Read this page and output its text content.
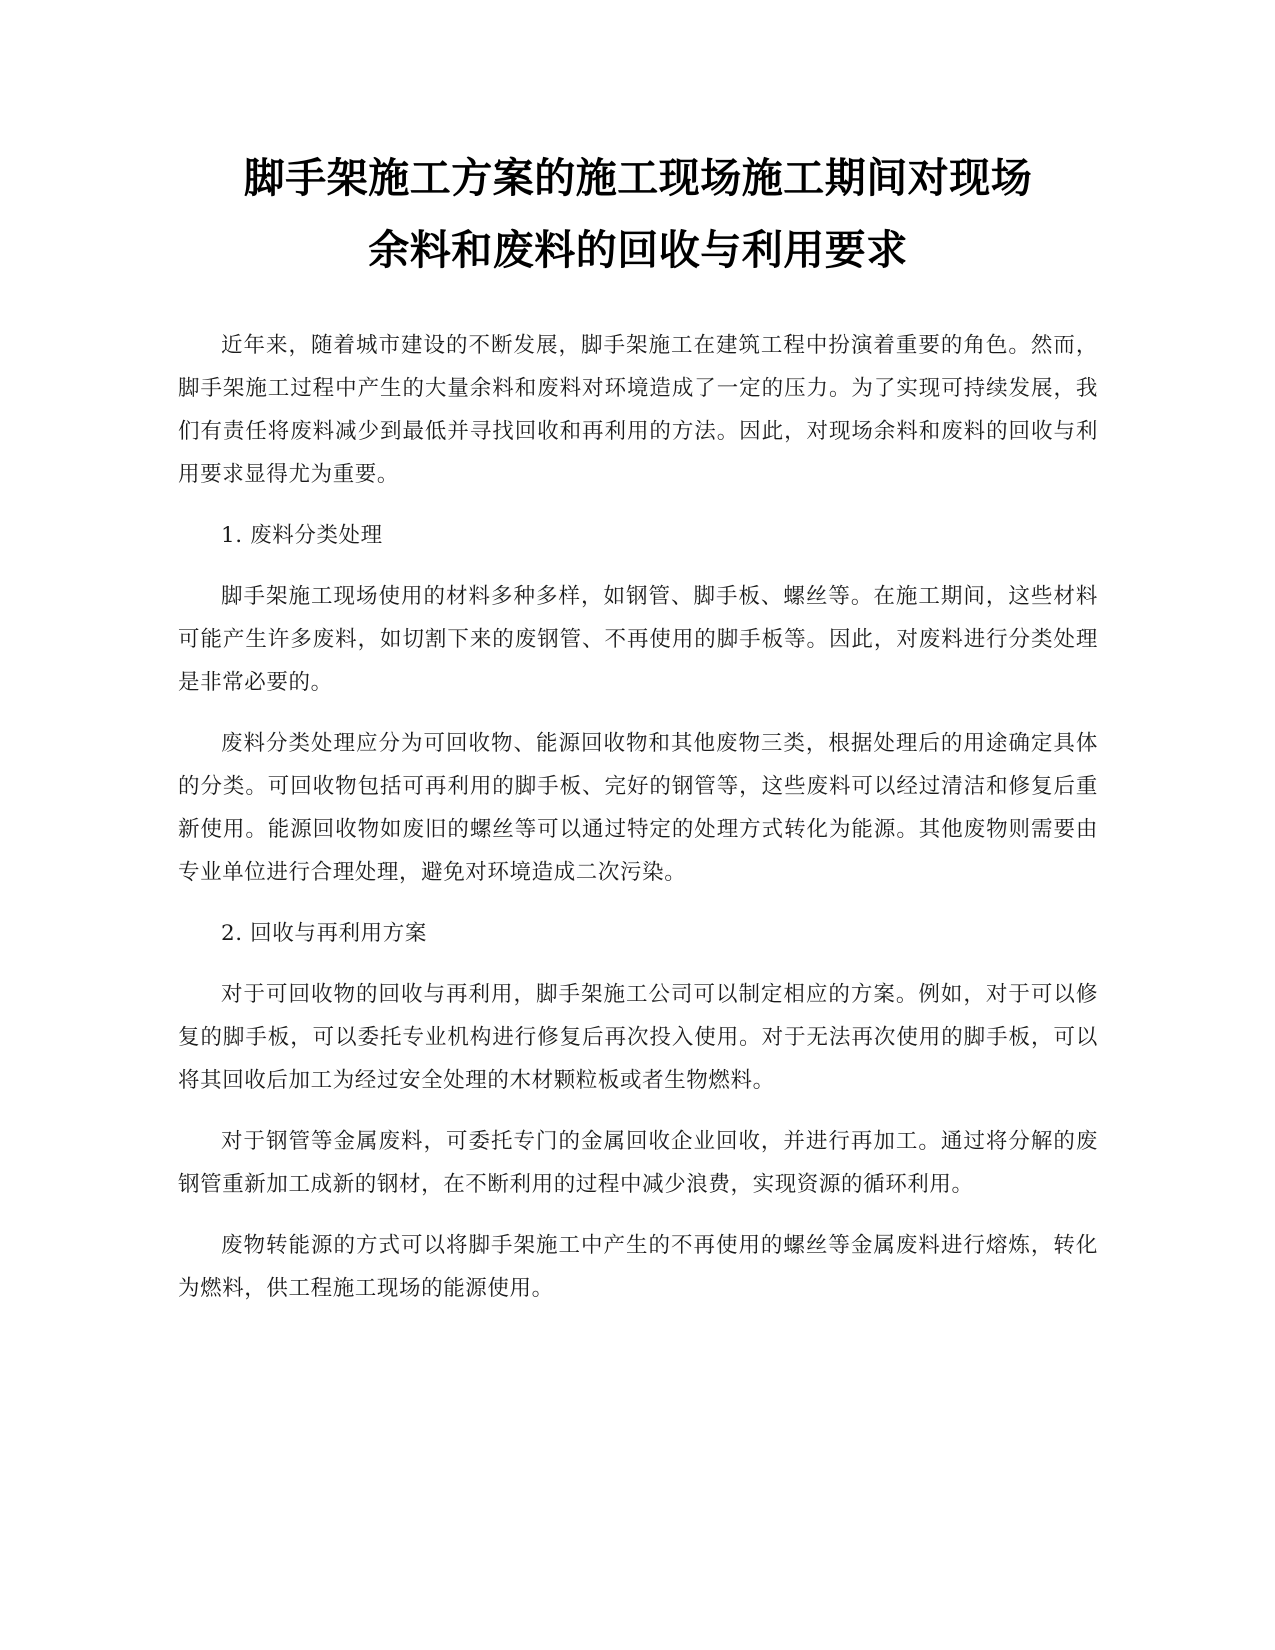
脚手架施工方案的施工现场施工期间对现场
余料和废料的回收与利用要求

近年来，随着城市建设的不断发展，脚手架施工在建筑工程中扮演着重要的角色。然而，脚手架施工过程中产生的大量余料和废料对环境造成了一定的压力。为了实现可持续发展，我们有责任将废料减少到最低并寻找回收和再利用的方法。因此，对现场余料和废料的回收与利用要求显得尤为重要。

1. 废料分类处理

脚手架施工现场使用的材料多种多样，如钢管、脚手板、螺丝等。在施工期间，这些材料可能产生许多废料，如切割下来的废钢管、不再使用的脚手板等。因此，对废料进行分类处理是非常必要的。

废料分类处理应分为可回收物、能源回收物和其他废物三类，根据处理后的用途确定具体的分类。可回收物包括可再利用的脚手板、完好的钢管等，这些废料可以经过清洁和修复后重新使用。能源回收物如废旧的螺丝等可以通过特定的处理方式转化为能源。其他废物则需要由专业单位进行合理处理，避免对环境造成二次污染。

2. 回收与再利用方案

对于可回收物的回收与再利用，脚手架施工公司可以制定相应的方案。例如，对于可以修复的脚手板，可以委托专业机构进行修复后再次投入使用。对于无法再次使用的脚手板，可以将其回收后加工为经过安全处理的木材颗粒板或者生物燃料。

对于钢管等金属废料，可委托专门的金属回收企业回收，并进行再加工。通过将分解的废钢管重新加工成新的钢材，在不断利用的过程中减少浪费，实现资源的循环利用。

废物转能源的方式可以将脚手架施工中产生的不再使用的螺丝等金属废料进行熔炼，转化为燃料，供工程施工现场的能源使用。
